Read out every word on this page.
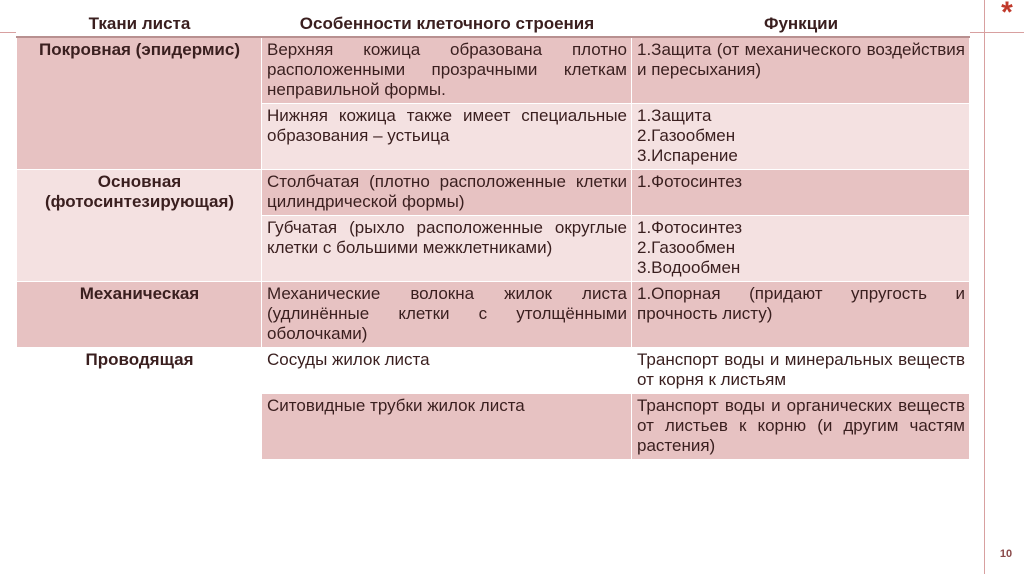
*
10
Ткани листа	Особенности клеточного строения	Функции
Покровная (эпидермис)	Верхняя кожица образована плотно расположенными прозрачными клеткам неправильной формы.	1.Защита (от механического воздействия и пересыхания)

	Нижняя кожица также имеет специальные образования – устьица	1.Защита
2.Газообмен
3.Испарение

Основная (фотосинтезирующая)	Столбчатая (плотно расположенные клетки цилиндрической формы)	1.Фотосинтез

	Губчатая (рыхло расположенные округлые клетки с большими межклетниками)	1.Фотосинтез
2.Газообмен
3.Водообмен

Механическая	Механические волокна жилок листа (удлинённые клетки с утолщёнными оболочками)	1.Опорная (придают упругость и прочность листу)

Проводящая	Сосуды жилок листа	Транспорт воды и минеральных веществ от корня к листьям

	Ситовидные трубки жилок листа	Транспорт воды и органических веществ от листьев к корню (и другим частям растения)
